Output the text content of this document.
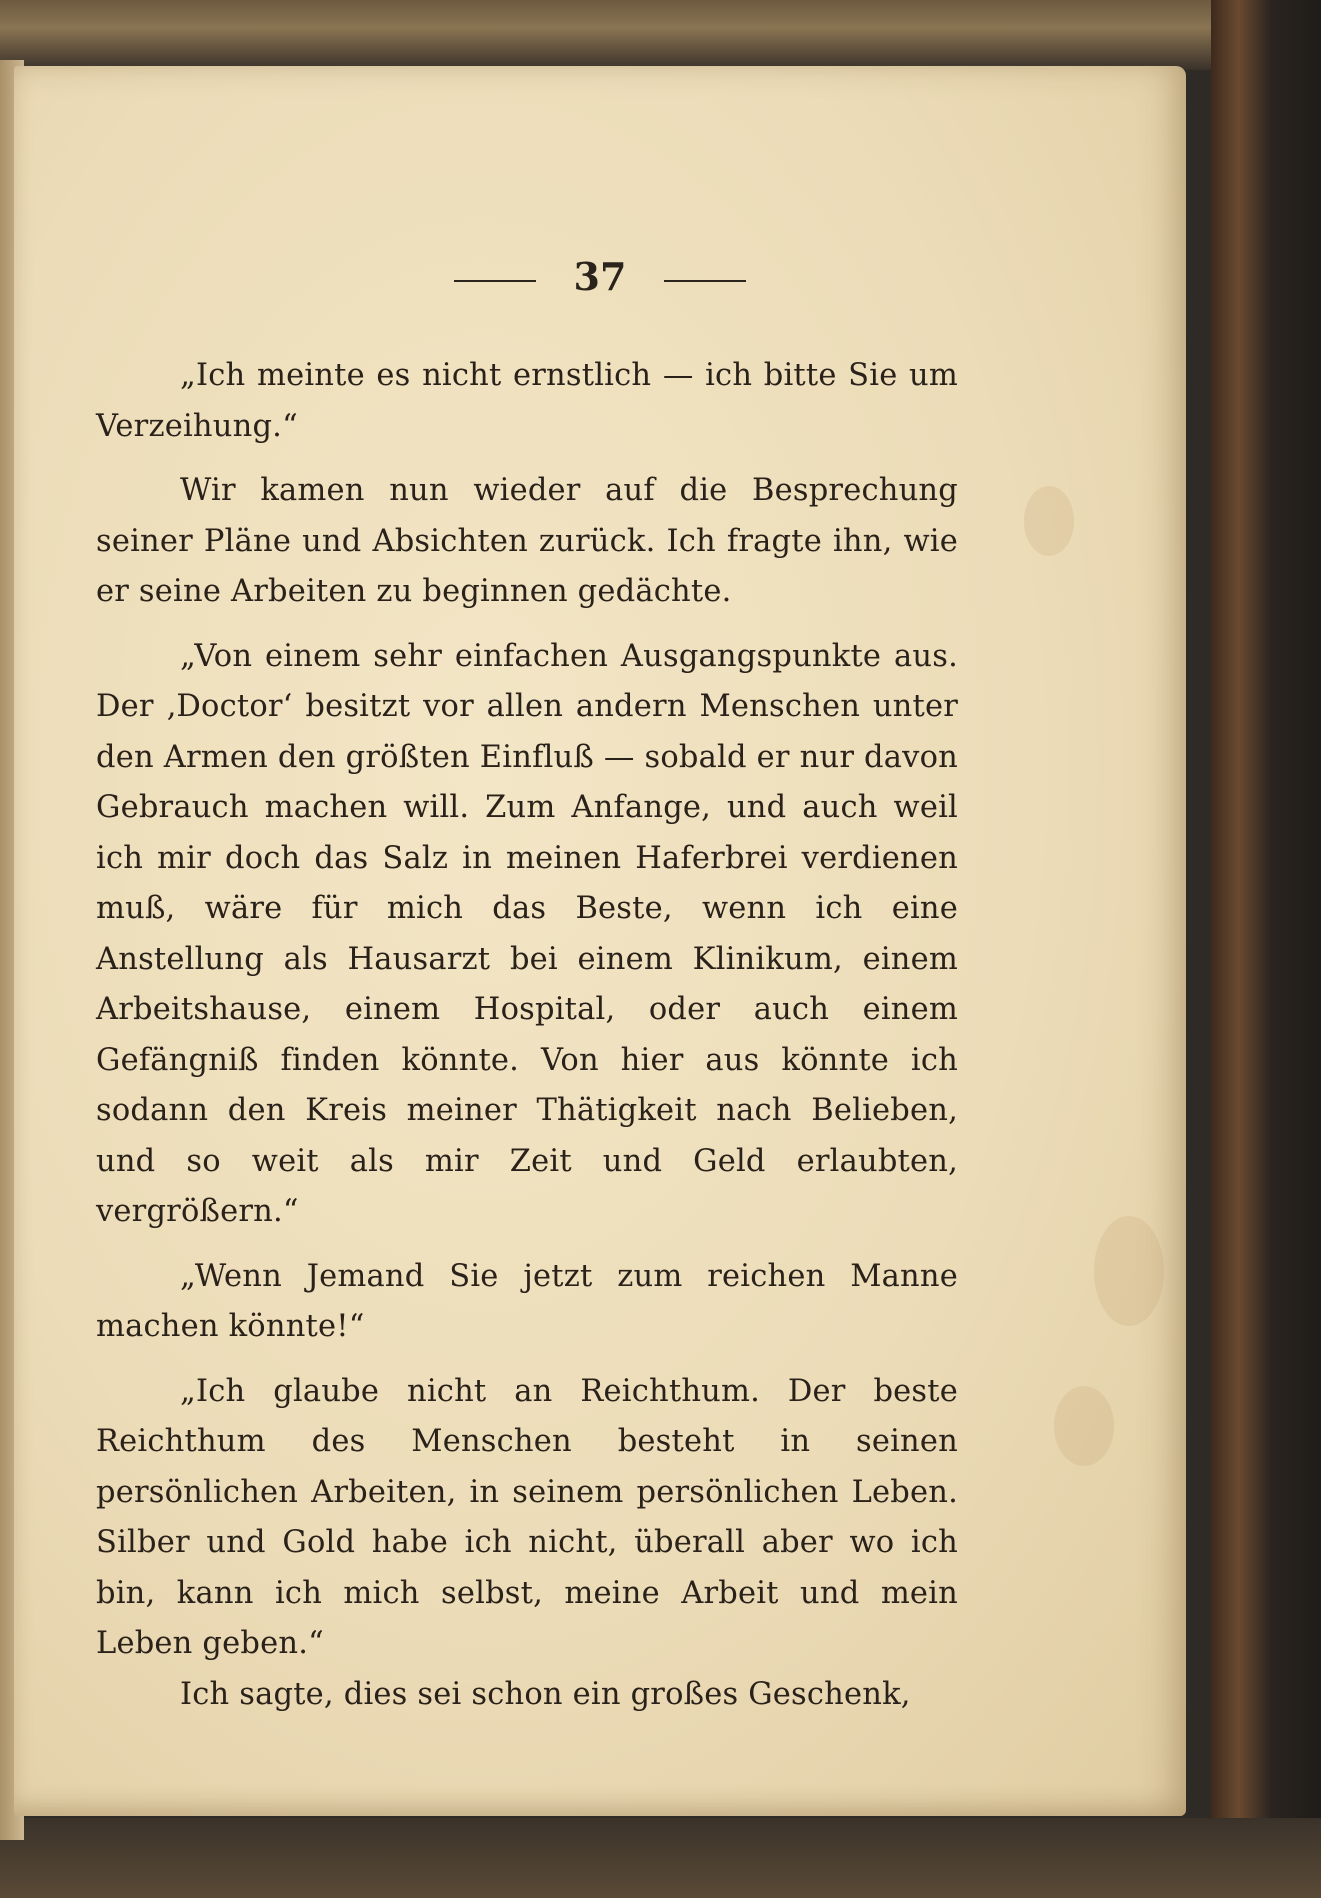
37

„Ich meinte es nicht ernstlich — ich bitte Sie um Verzeihung.“

Wir kamen nun wieder auf die Besprechung seiner Pläne und Absichten zurück. Ich fragte ihn, wie er seine Arbeiten zu beginnen gedächte.

„Von einem sehr einfachen Ausgangspunkte aus. Der ‚Doctor‘ besitzt vor allen andern Menschen unter den Armen den größten Einfluß — sobald er nur davon Gebrauch machen will. Zum Anfange, und auch weil ich mir doch das Salz in meinen Haferbrei verdienen muß, wäre für mich das Beste, wenn ich eine Anstellung als Hausarzt bei einem Klinikum, einem Arbeitshause, einem Hospital, oder auch einem Gefängniß finden könnte. Von hier aus könnte ich sodann den Kreis meiner Thätigkeit nach Belieben, und so weit als mir Zeit und Geld erlaubten, vergrößern.“

„Wenn Jemand Sie jetzt zum reichen Manne machen könnte!“

„Ich glaube nicht an Reichthum. Der beste Reichthum des Menschen besteht in seinen persönlichen Arbeiten, in seinem persönlichen Leben. Silber und Gold habe ich nicht, überall aber wo ich bin, kann ich mich selbst, meine Arbeit und mein Leben geben.“

Ich sagte, dies sei schon ein großes Geschenk,
